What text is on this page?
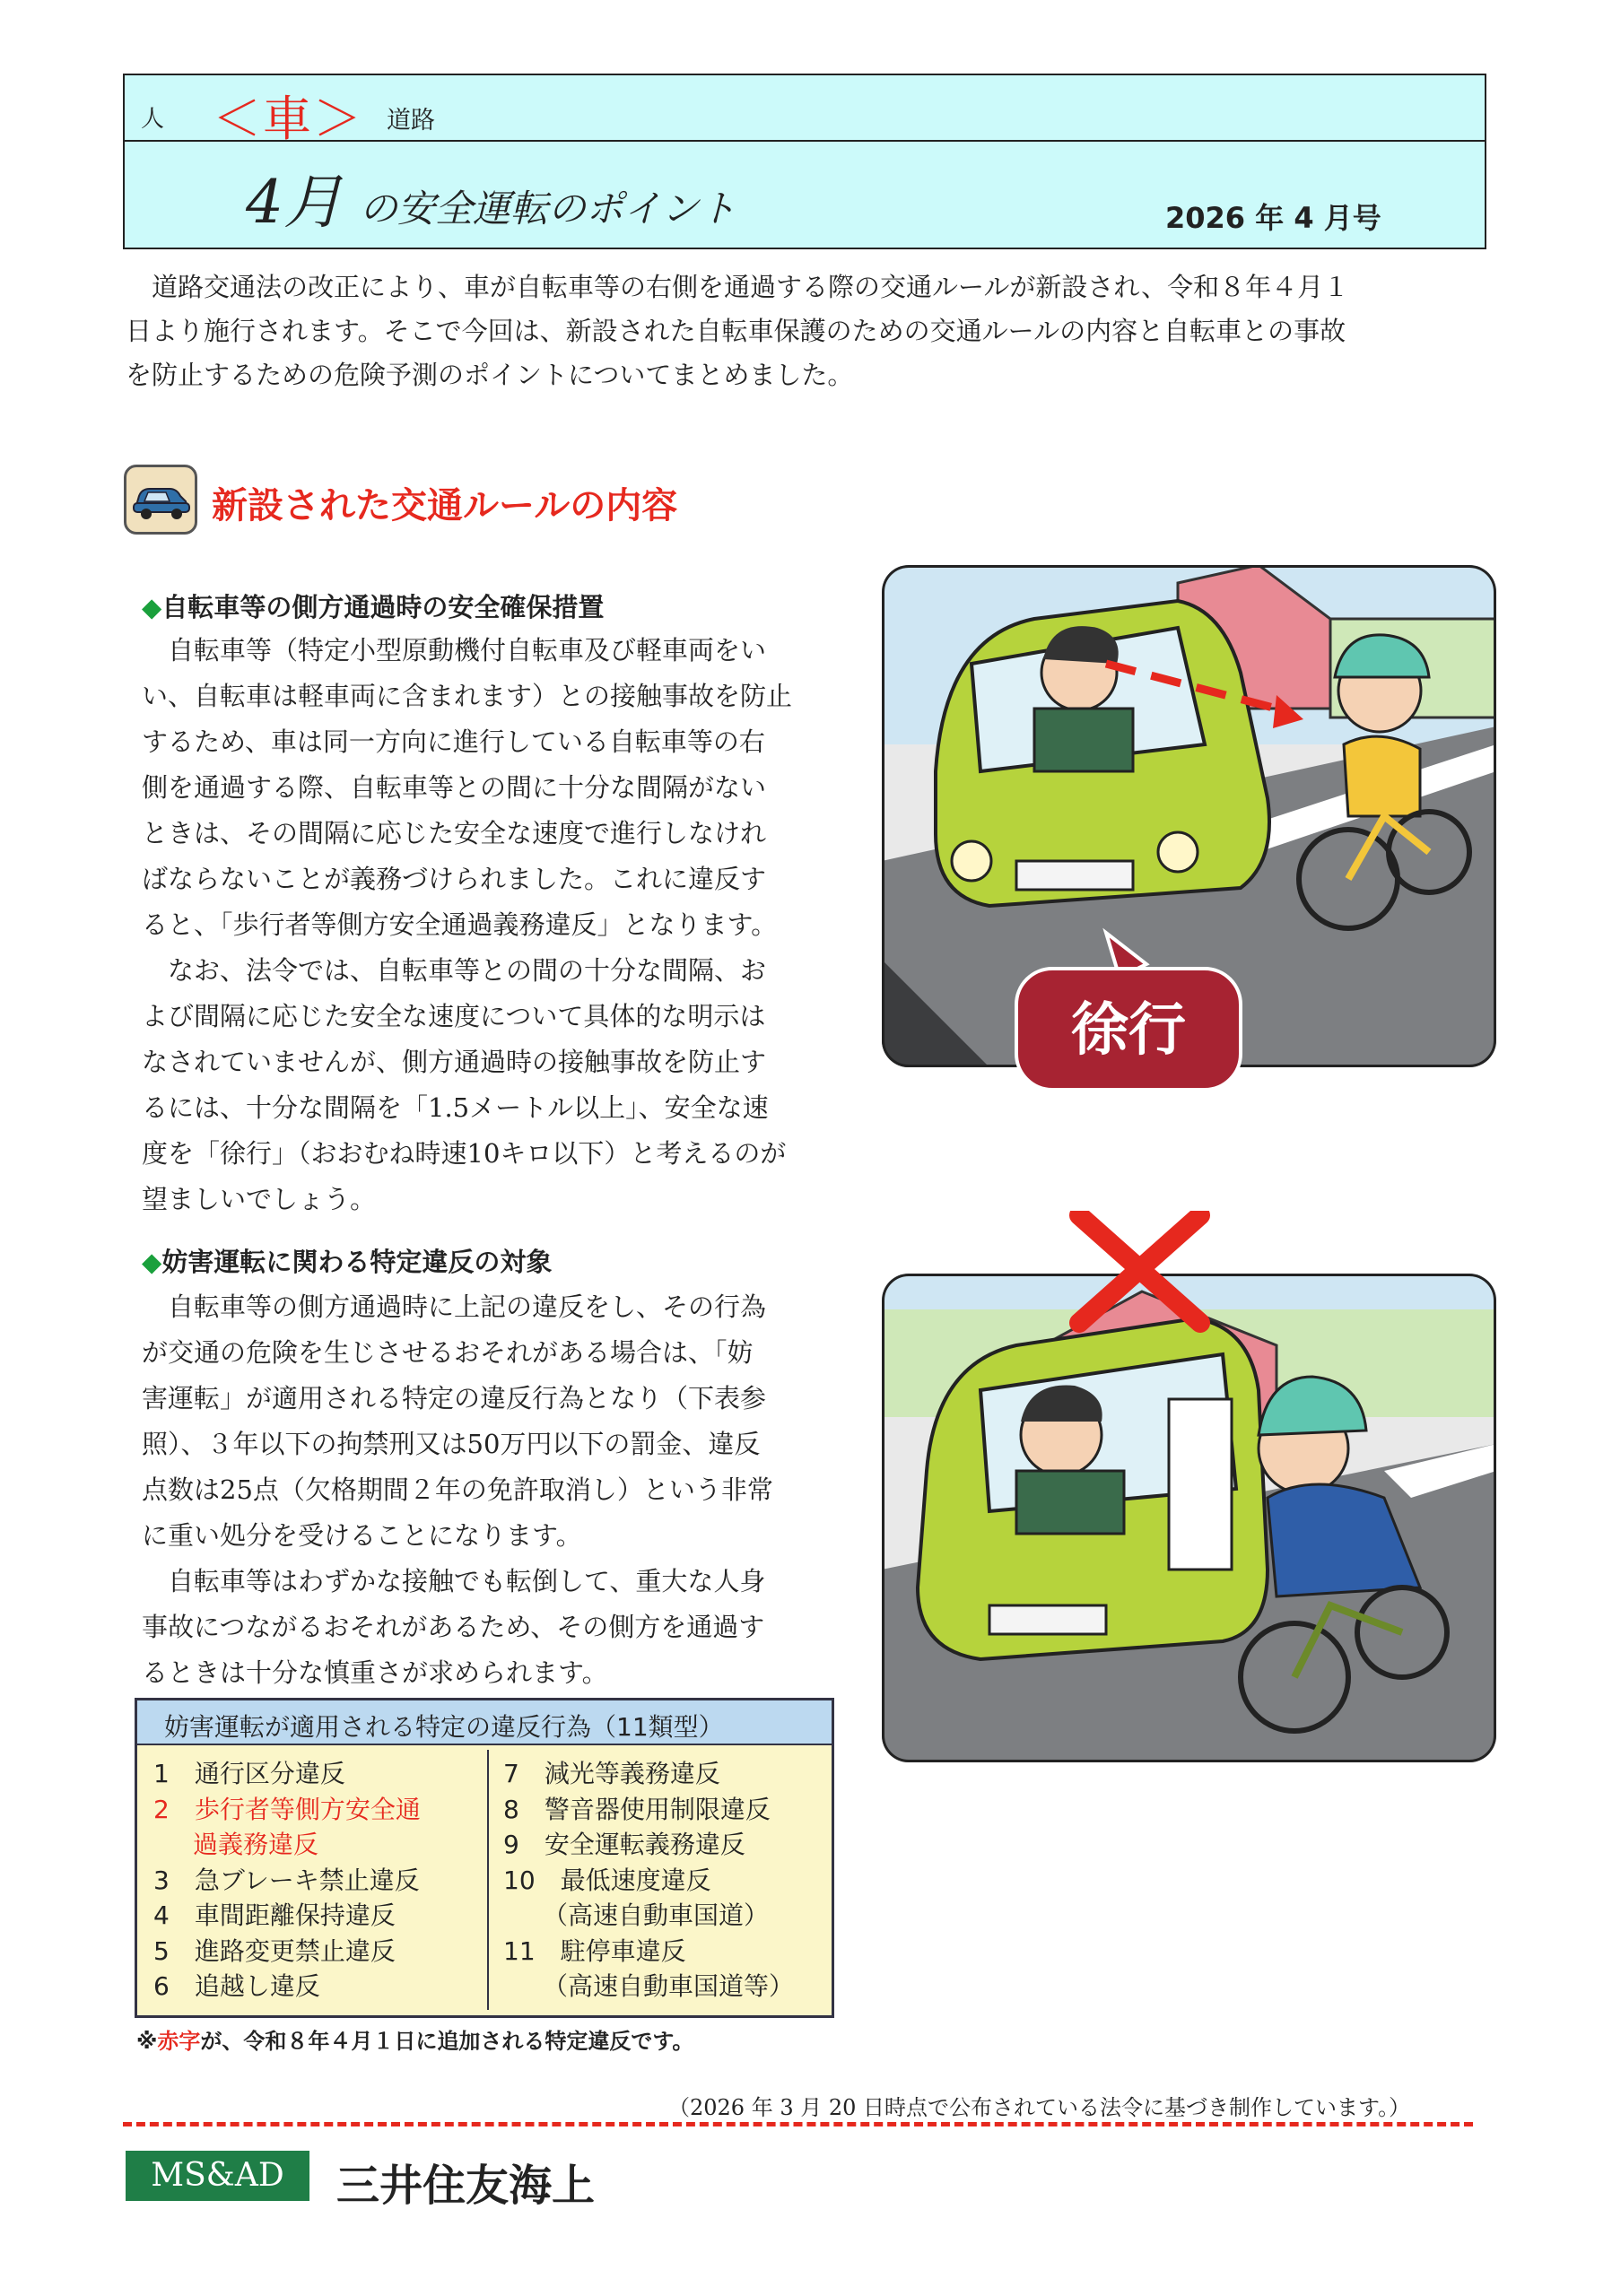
人 ＜車＞ 道路
4月 の安全運転のポイント	2026 年 4 月号
　道路交通法の改正により、車が自転車等の右側を通過する際の交通ルールが新設され、令和８年４月１
日より施行されます。そこで今回は、新設された自転車保護のための交通ルールの内容と自転車との事故
を防止するための危険予測のポイントについてまとめました。
新設された交通ルールの内容
◆自転車等の側方通過時の安全確保措置
　自転車等（特定小型原動機付自転車及び軽車両をい
い、自転車は軽車両に含まれます）との接触事故を防止
するため、車は同一方向に進行している自転車等の右
側を通過する際、自転車等との間に十分な間隔がない
ときは、その間隔に応じた安全な速度で進行しなけれ
ばならないことが義務づけられました。これに違反す
ると、「歩行者等側方安全通過義務違反」となります。
　なお、法令では、自転車等との間の十分な間隔、お
よび間隔に応じた安全な速度について具体的な明示は
なされていませんが、側方通過時の接触事故を防止す
るには、十分な間隔を「1.5メートル以上」、安全な速
度を「徐行」（おおむね時速10キロ以下）と考えるのが
望ましいでしょう。
徐行
◆妨害運転に関わる特定違反の対象
　自転車等の側方通過時に上記の違反をし、その行為
が交通の危険を生じさせるおそれがある場合は、「妨
害運転」が適用される特定の違反行為となり（下表参
照）、３年以下の拘禁刑又は50万円以下の罰金、違反
点数は25点（欠格期間２年の免許取消し）という非常
に重い処分を受けることになります。
　自転車等はわずかな接触でも転倒して、重大な人身
事故につながるおそれがあるため、その側方を通過す
るときは十分な慎重さが求められます。
妨害運転が適用される特定の違反行為（11類型）
1　通行区分違反
2　歩行者等側方安全通
過義務違反
3　急ブレーキ禁止違反
4　車間距離保持違反
5　進路変更禁止違反
6　追越し違反
7　減光等義務違反
8　警音器使用制限違反
9　安全運転義務違反
10　最低速度違反
（高速自動車国道）
11　駐停車違反
（高速自動車国道等）
※赤字が、令和８年４月１日に追加される特定違反です。
（2026 年 3 月 20 日時点で公布されている法令に基づき制作しています。）
MS&AD	三井住友海上
